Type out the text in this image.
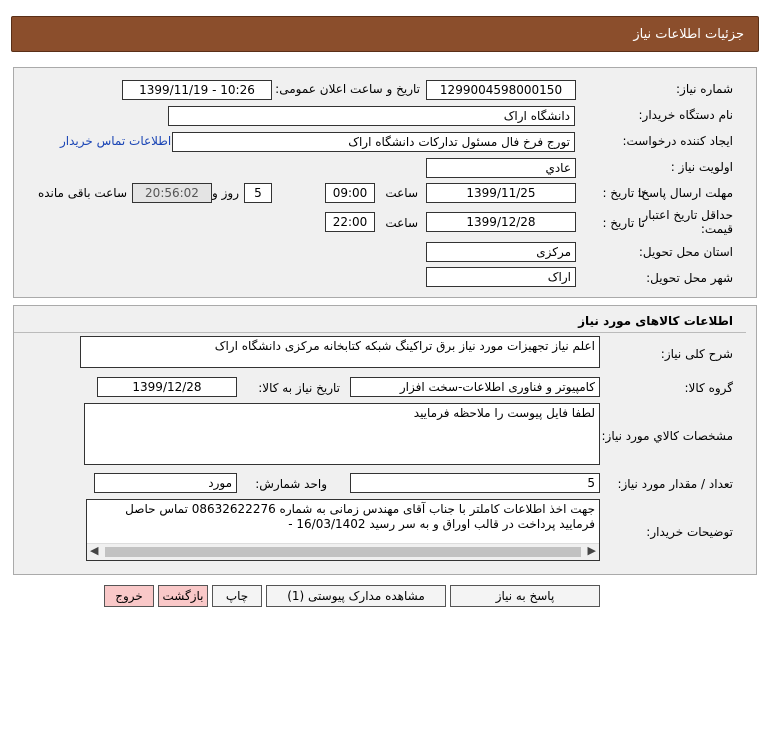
جزئیات اطلاعات نیاز
شماره نیاز:
1299004598000150
تاریخ و ساعت اعلان عمومی:
1399/11/19 - 10:26
نام دستگاه خریدار:
دانشگاه اراک
ایجاد کننده درخواست:
تورج فرخ فال مسئول تدارکات دانشگاه اراک
اطلاعات تماس خریدار
اولویت نیاز :
عادي
مهلت ارسال پاسخ:
تا تاریخ :
1399/11/25
ساعت
09:00
5
روز و
20:56:02
ساعت باقی مانده
حداقل تاریخ اعتبار
قیمت:
تا تاریخ :
1399/12/28
ساعت
22:00
استان محل تحویل:
مرکزی
شهر محل تحویل:
اراک
اطلاعات کالاهای مورد نیاز
شرح کلی نیاز:
اعلم نیاز تجهیزات مورد نیاز برق تراکینگ شبکه کتابخانه مرکزی دانشگاه اراک
گروه کالا:
کامپیوتر و فناوری اطلاعات-سخت افزار
تاریخ نیاز به کالا:
1399/12/28
مشخصات کالاي مورد نیاز:
لطفا فایل پیوست را ملاحظه فرمایید
تعداد / مقدار مورد نیاز:
5
واحد شمارش:
مورد
توضیحات خریدار:
جهت اخذ اطلاعات کاملتر با جناب آقای مهندس زمانی به شماره 08632622276 تماس حاصل فرمایید پرداخت در قالب اوراق و به سر رسید 16/03/1402 -
◀	▶
پاسخ به نیاز
مشاهده مدارک پیوستی (1)
چاپ
بازگشت
خروج
